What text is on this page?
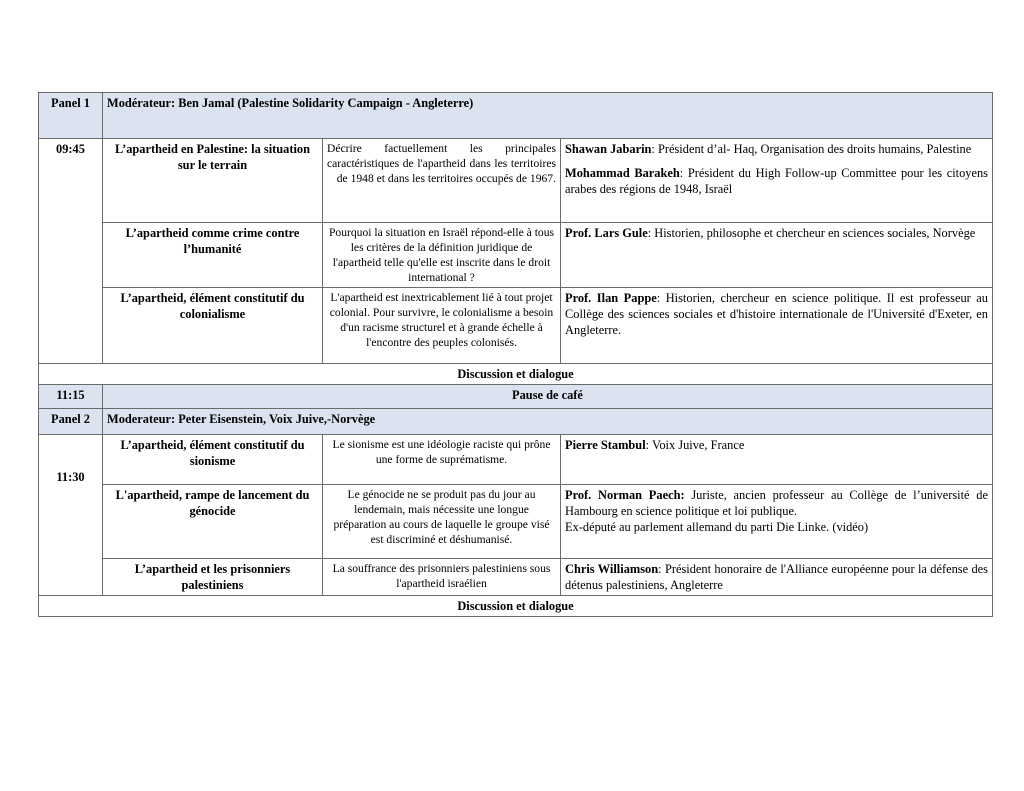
Panel 1	Modérateur: Ben Jamal (Palestine Solidarity Campaign - Angleterre)		
09:45	L’apartheid en Palestine: la situation sur le terrain	Décrire factuellement les principales caractéristiques de l'apartheid dans les territoires de 1948 et dans les territoires occupés de 1967.	Shawan Jabarin: Président d’al- Haq, Organisation des droits humains, Palestine
Mohammad Barakeh: Président du High Follow-up Committee pour les citoyens arabes des régions de 1948, Israël

	L’apartheid comme crime contre l’humanité	Pourquoi la situation en Israël répond-elle à tous les critères de la définition juridique de l'apartheid telle qu'elle est inscrite dans le droit international ?	Prof. Lars Gule: Historien, philosophe et chercheur en sciences sociales, Norvège
	L’apartheid, élément constitutif du colonialisme	L'apartheid est inextricablement lié à tout projet colonial. Pour survivre, le colonialisme a besoin d'un racisme structurel et à grande échelle à l'encontre des peuples colonisés.	Prof. Ilan Pappe: Historien, chercheur en science politique. Il est professeur au Collège des sciences sociales et d'histoire internationale de l'Université d'Exeter, en Angleterre.
Discussion et dialogue			
11:15	Pause de café		
Panel 2	Moderateur: Peter Eisenstein, Voix Juive,-Norvège		
11:30	L’apartheid, élément constitutif du sionisme	Le sionisme est une idéologie raciste qui prône une forme de suprématisme.	Pierre Stambul: Voix Juive, France
	L'apartheid, rampe de lancement du génocide	Le génocide ne se produit pas du jour au lendemain, mais nécessite une longue préparation au cours de laquelle le groupe visé est discriminé et déshumanisé.	Prof. Norman Paech: Juriste, ancien professeur au Collège de l’université de Hambourg en science politique et loi publique.
Ex-député au parlement allemand du parti Die Linke. (vidéo)

	L’apartheid et les prisonniers palestiniens	La souffrance des prisonniers palestiniens sous l'apartheid israélien	Chris Williamson: Président honoraire de l'Alliance européenne pour la défense des détenus palestiniens, Angleterre
Discussion et dialogue			
